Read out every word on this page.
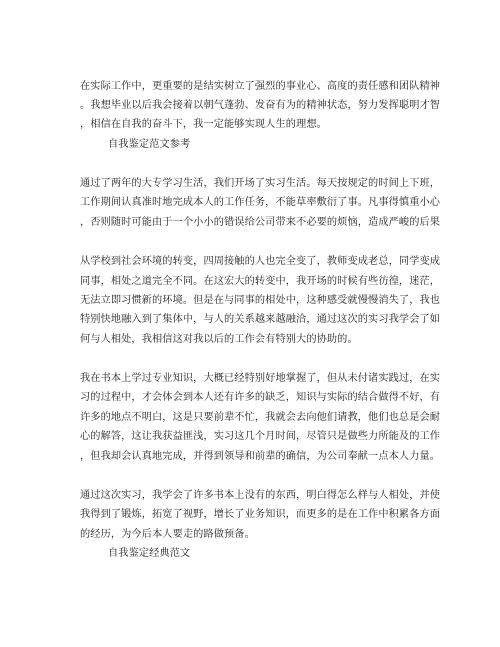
在实际工作中，更重要的是结实树立了强烈的事业心、高度的责任感和团队精神
。我想毕业以后我会接着以朝气蓬勃、发奋有为的精神状态，努力发挥聪明才智
，相信在自我的奋斗下，我一定能够实现人生的理想。
自我鉴定范文参考
通过了两年的大专学习生活，我们开场了实习生活。每天按规定的时间上下班，
工作期间认真准时地完成本人的工作任务，不能草率敷衍了事。凡事得慎重小心
，否则随时可能由于一个小小的错误给公司带来不必要的烦恼，造成严峻的后果
从学校到社会环境的转变，四周接触的人也完全变了，教师变成老总，同学变成
同事，相处之道完全不同。在这宏大的转变中，我开场的时候有些彷徨，迷茫，
无法立即习惯新的环境。但是在与同事的相处中，这种感受就慢慢消失了，我也
特别快地融入到了集体中，与人的关系越来越融洽，通过这次的实习我学会了如
何与人相处，我相信这对我以后的工作会有特别大的协助的。
我在书本上学过专业知识，大概已经特别好地掌握了，但从未付诸实践过，在实
习的过程中，才会体会到本人还有许多的缺乏，知识与实际的结合做得不好，有
许多的地点不明白，这是只要前辈不忙，我就会去向他们请教，他们也总是会耐
心的解答，这让我获益匪浅，实习这几个月时间，尽管只是做些力所能及的工作
，但我却会认真地完成，并得到领导和前辈的确信，为公司奉献一点本人力量。
通过这次实习，我学会了许多书本上没有的东西，明白得怎么样与人相处，并使
我得到了锻炼，拓宽了视野，增长了业务知识，而更多的是在工作中积累各方面
的经历，为今后本人要走的路做预备。
自我鉴定经典范文
